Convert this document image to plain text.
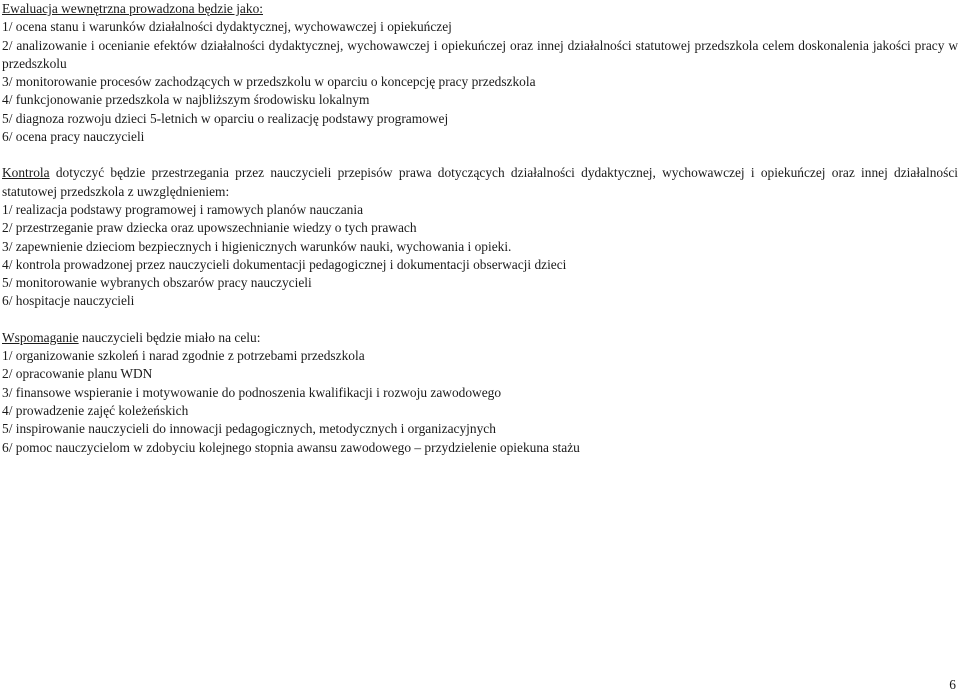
Ewaluacja wewnętrzna prowadzona będzie jako:
1/ ocena stanu i warunków działalności dydaktycznej, wychowawczej i opiekuńczej
2/ analizowanie i ocenianie efektów działalności dydaktycznej, wychowawczej i opiekuńczej oraz innej działalności statutowej przedszkola celem doskonalenia jakości pracy w przedszkolu
3/ monitorowanie procesów zachodzących w przedszkolu w oparciu o koncepcję pracy przedszkola
4/ funkcjonowanie przedszkola w najbliższym środowisku lokalnym
5/ diagnoza rozwoju dzieci 5-letnich w oparciu o realizację podstawy programowej
6/ ocena pracy nauczycieli
Kontrola dotyczyć będzie przestrzegania przez nauczycieli przepisów prawa dotyczących działalności dydaktycznej, wychowawczej i opiekuńczej oraz innej działalności statutowej przedszkola z uwzględnieniem:
1/ realizacja podstawy programowej i ramowych planów nauczania
2/ przestrzeganie praw dziecka oraz upowszechnianie wiedzy o tych prawach
3/ zapewnienie dzieciom bezpiecznych i higienicznych warunków nauki, wychowania i opieki.
4/ kontrola prowadzonej przez nauczycieli dokumentacji pedagogicznej i dokumentacji obserwacji dzieci
5/ monitorowanie wybranych obszarów pracy nauczycieli
6/ hospitacje nauczycieli
Wspomaganie nauczycieli będzie miało na celu:
1/ organizowanie szkoleń i narad zgodnie z potrzebami przedszkola
2/ opracowanie planu WDN
3/ finansowe wspieranie i motywowanie do podnoszenia kwalifikacji i rozwoju zawodowego
4/ prowadzenie zajęć koleżeńskich
5/ inspirowanie nauczycieli do innowacji pedagogicznych, metodycznych i organizacyjnych
6/ pomoc nauczycielom w zdobyciu kolejnego stopnia awansu zawodowego – przydzielenie opiekuna stażu
6
